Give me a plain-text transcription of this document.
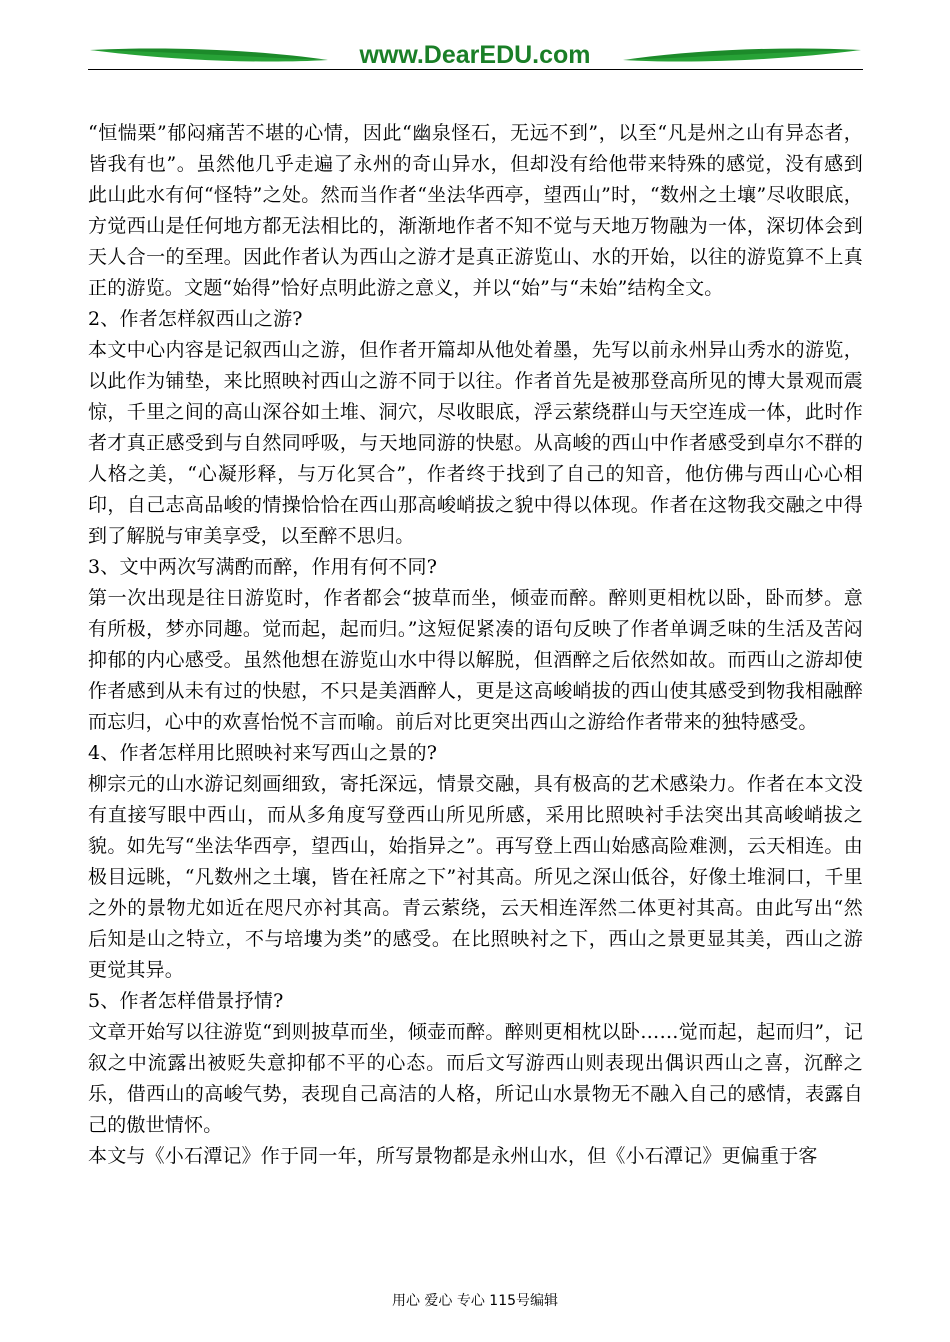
www.DearEDU.com

“恒惴栗”郁闷痛苦不堪的心情，因此“幽泉怪石，无远不到”，以至“凡是州之山有异态者，皆我有也”。虽然他几乎走遍了永州的奇山异水，但却没有给他带来特殊的感觉，没有感到此山此水有何“怪特”之处。然而当作者“坐法华西亭，望西山”时，“数州之土壤”尽收眼底，方觉西山是任何地方都无法相比的，渐渐地作者不知不觉与天地万物融为一体，深切体会到天人合一的至理。因此作者认为西山之游才是真正游览山、水的开始，以往的游览算不上真正的游览。文题“始得”恰好点明此游之意义，并以“始”与“未始”结构全文。

2、作者怎样叙西山之游?

本文中心内容是记叙西山之游，但作者开篇却从他处着墨，先写以前永州异山秀水的游览，以此作为铺垫，来比照映衬西山之游不同于以往。作者首先是被那登高所见的博大景观而震惊，千里之间的高山深谷如土堆、洞穴，尽收眼底，浮云萦绕群山与天空连成一体，此时作者才真正感受到与自然同呼吸，与天地同游的快慰。从高峻的西山中作者感受到卓尔不群的人格之美，“心凝形释，与万化冥合”，作者终于找到了自己的知音，他仿佛与西山心心相印，自己志高品峻的情操恰恰在西山那高峻峭拔之貌中得以体现。作者在这物我交融之中得到了解脱与审美享受，以至醉不思归。

3、文中两次写满酌而醉，作用有何不同?

第一次出现是往日游览时，作者都会“披草而坐，倾壶而醉。醉则更相枕以卧，卧而梦。意有所极，梦亦同趣。觉而起，起而归。”这短促紧凑的语句反映了作者单调乏味的生活及苦闷抑郁的内心感受。虽然他想在游览山水中得以解脱，但酒醉之后依然如故。而西山之游却使作者感到从未有过的快慰，不只是美酒醉人，更是这高峻峭拔的西山使其感受到物我相融醉而忘归，心中的欢喜怡悦不言而喻。前后对比更突出西山之游给作者带来的独特感受。

4、作者怎样用比照映衬来写西山之景的?

柳宗元的山水游记刻画细致，寄托深远，情景交融，具有极高的艺术感染力。作者在本文没有直接写眼中西山，而从多角度写登西山所见所感，采用比照映衬手法突出其高峻峭拔之貌。如先写“坐法华西亭，望西山，始指异之”。再写登上西山始感高险难测，云天相连。由极目远眺，“凡数州之土壤，皆在衽席之下”衬其高。所见之深山低谷，好像土堆洞口，千里之外的景物尤如近在咫尺亦衬其高。青云萦绕，云天相连浑然二体更衬其高。由此写出“然后知是山之特立，不与培塿为类”的感受。在比照映衬之下，西山之景更显其美，西山之游更觉其异。

5、作者怎样借景抒情?

文章开始写以往游览“到则披草而坐，倾壶而醉。醉则更相枕以卧……觉而起，起而归”，记叙之中流露出被贬失意抑郁不平的心态。而后文写游西山则表现出偶识西山之喜，沉醉之乐，借西山的高峻气势，表现自己高洁的人格，所记山水景物无不融入自己的感情，表露自己的傲世情怀。

本文与《小石潭记》作于同一年，所写景物都是永州山水，但《小石潭记》更偏重于客

用心 爱心 专心 115号编辑
